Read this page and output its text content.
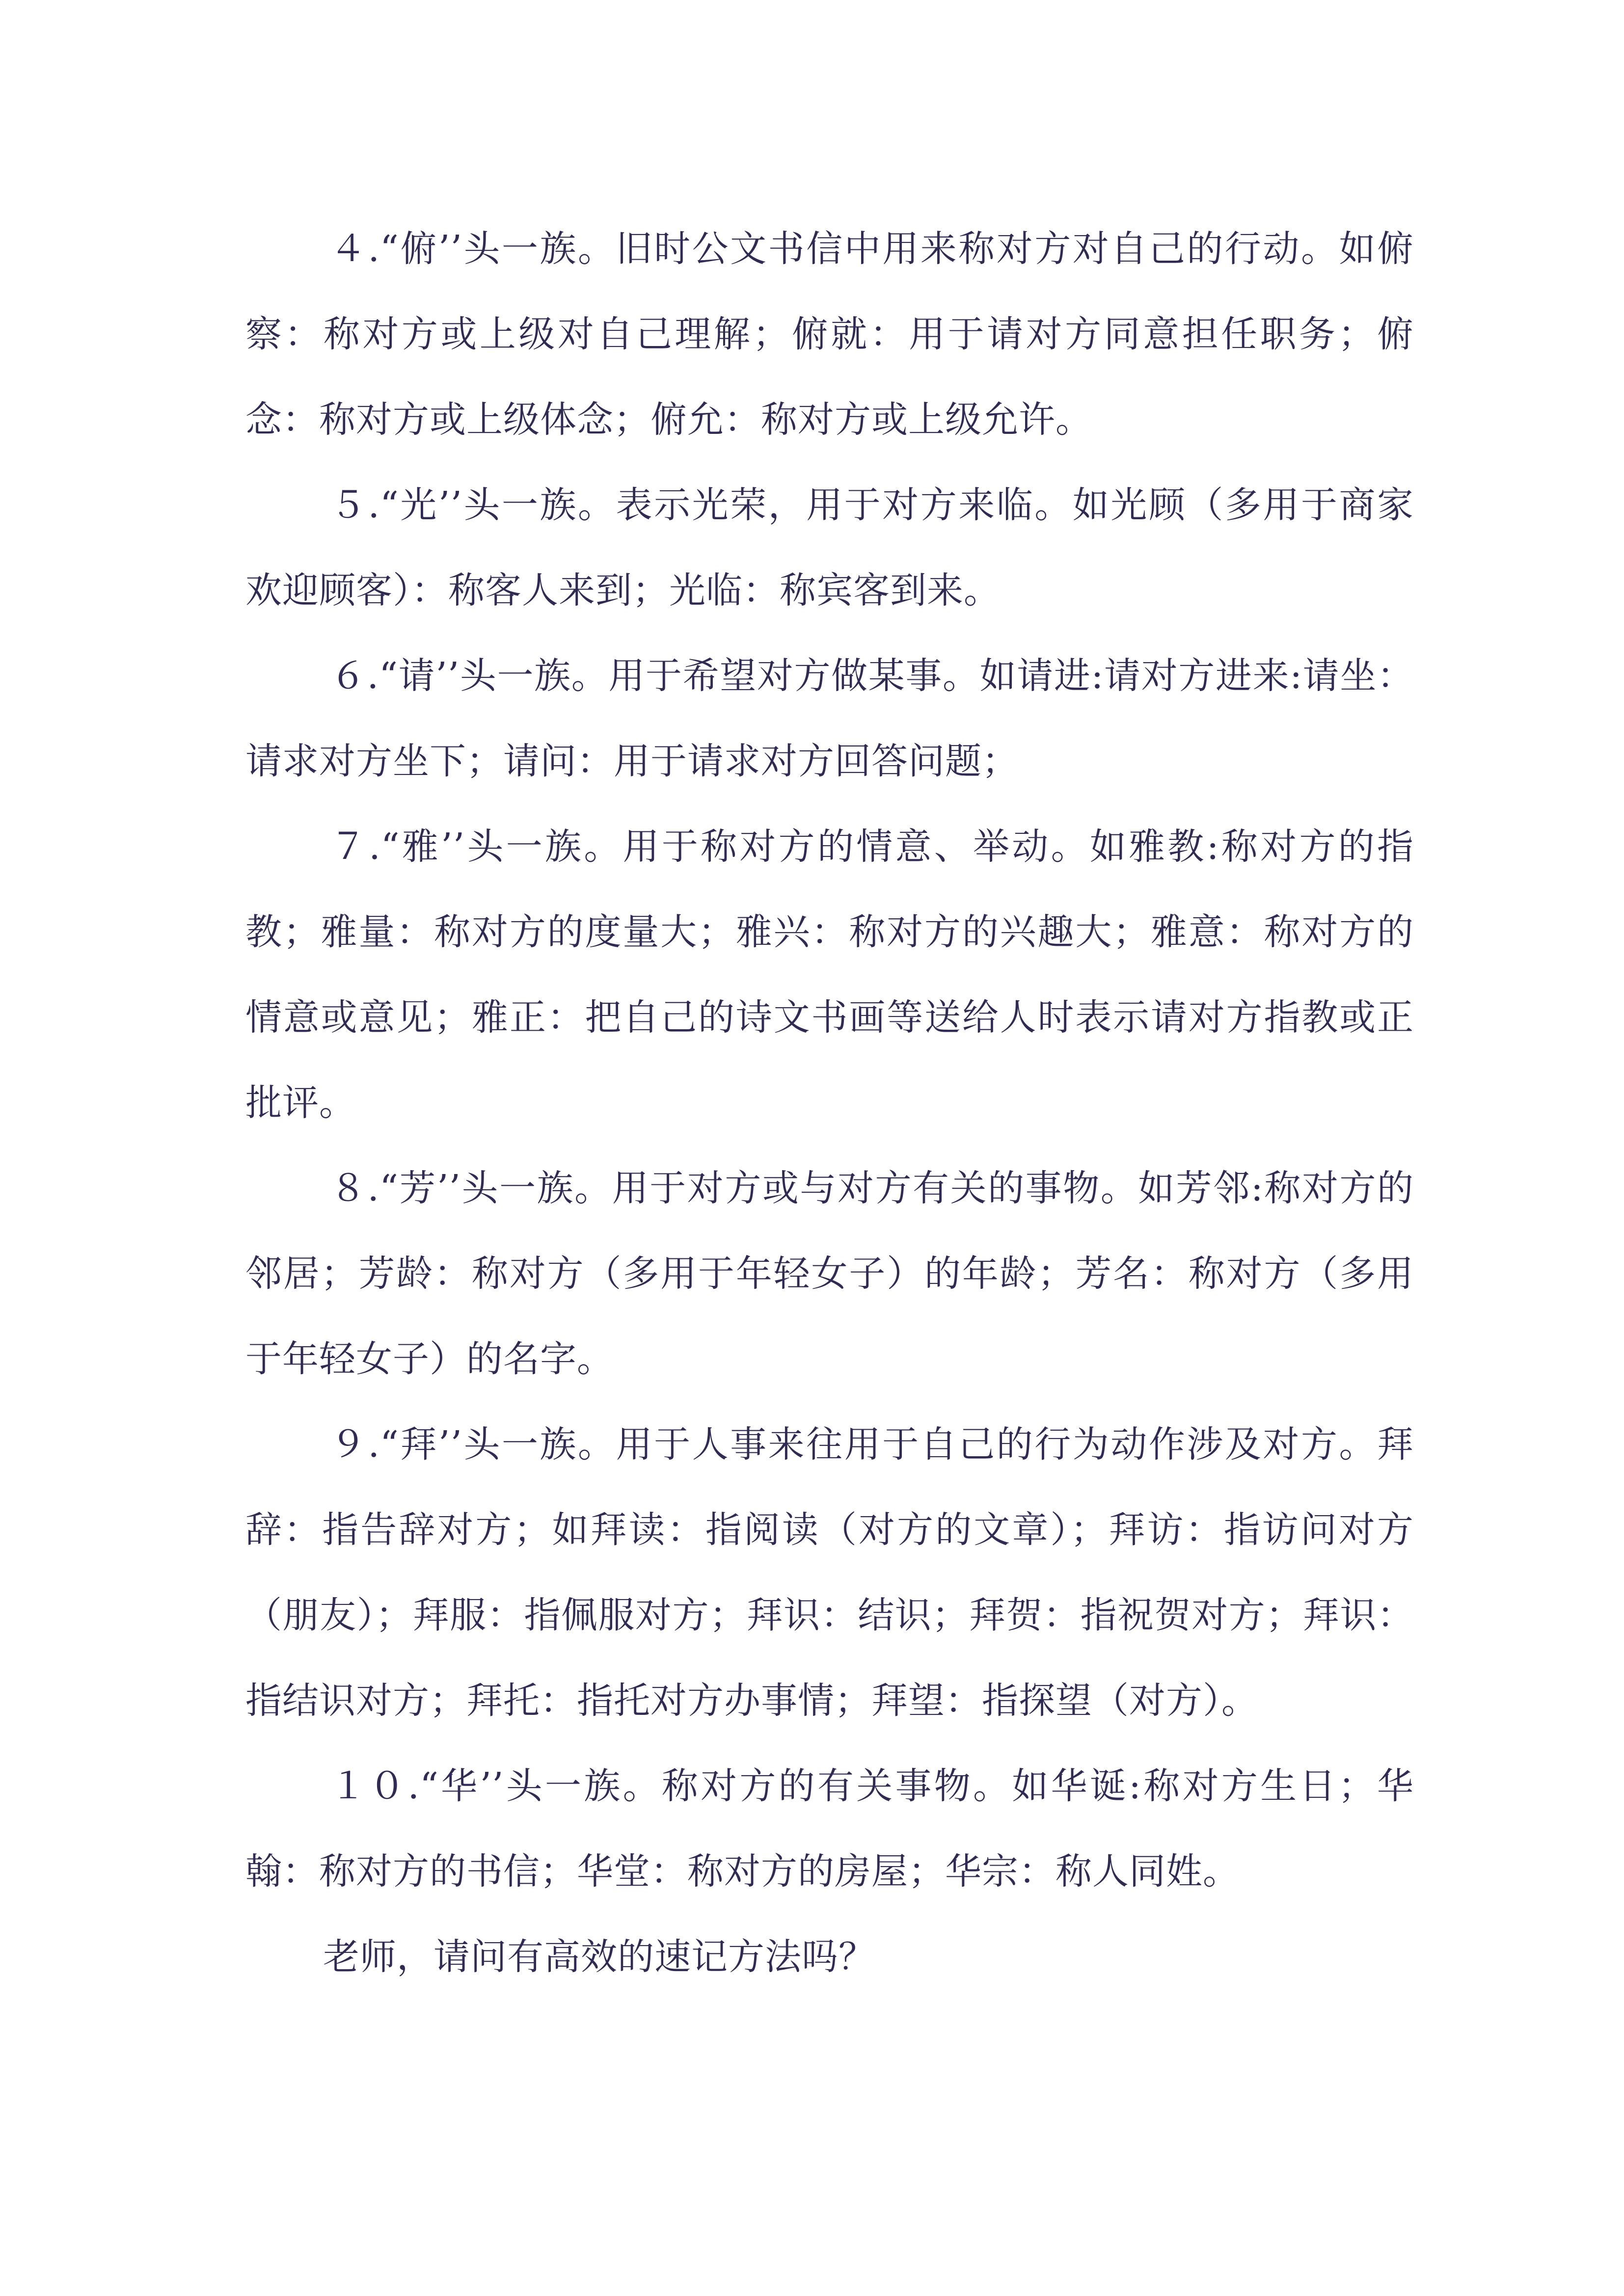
４.“俯’’头一族。旧时公文书信中用来称对方对自己的行动。如俯察：称对方或上级对自己理解；俯就：用于请对方同意担任职务；俯念：称对方或上级体念；俯允：称对方或上级允许。

５.“光’’头一族。表示光荣，用于对方来临。如光顾（多用于商家欢迎顾客）：称客人来到；光临：称宾客到来。

６.“请’’头一族。用于希望对方做某事。如请进:请对方进来:请坐：请求对方坐下；请问：用于请求对方回答问题；

７.“雅’’头一族。用于称对方的情意、举动。如雅教:称对方的指教；雅量：称对方的度量大；雅兴：称对方的兴趣大；雅意：称对方的情意或意见；雅正：把自己的诗文书画等送给人时表示请对方指教或正批评。

８.“芳’’头一族。用于对方或与对方有关的事物。如芳邻:称对方的邻居；芳龄：称对方（多用于年轻女子）的年龄；芳名：称对方（多用于年轻女子）的名字。

９.“拜’’头一族。用于人事来往用于自己的行为动作涉及对方。拜辞：指告辞对方；如拜读：指阅读（对方的文章）；拜访：指访问对方（朋友）；拜服：指佩服对方；拜识：结识；拜贺：指祝贺对方；拜识：指结识对方；拜托：指托对方办事情；拜望：指探望（对方）。

１０.“华’’头一族。称对方的有关事物。如华诞:称对方生日；华翰：称对方的书信；华堂：称对方的房屋；华宗：称人同姓。

老师，请问有高效的速记方法吗？
